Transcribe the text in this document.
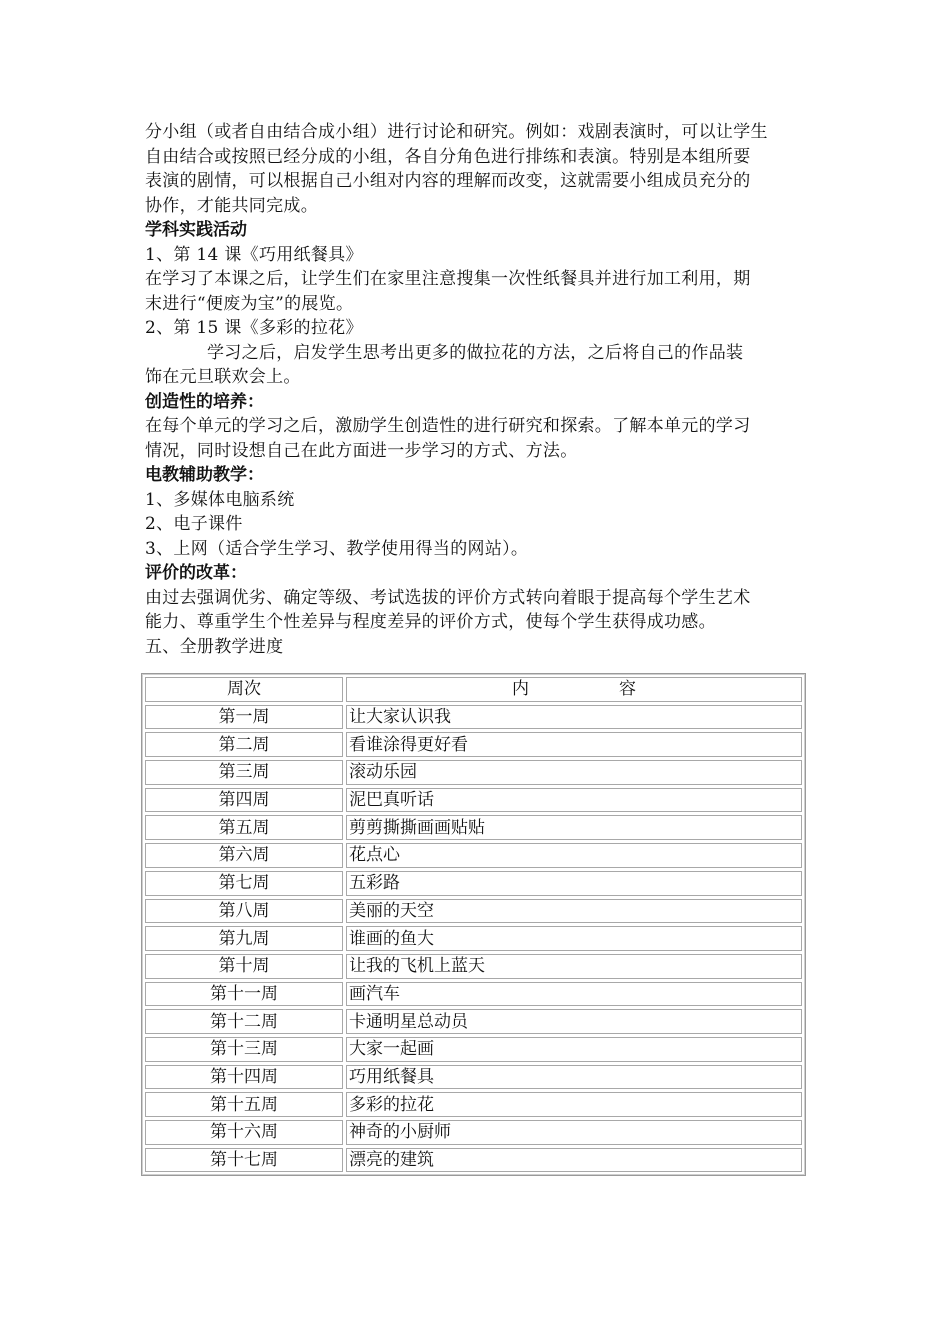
分小组（或者自由结合成小组）进行讨论和研究。例如：戏剧表演时，可以让学生

自由结合或按照已经分成的小组，各自分角色进行排练和表演。特别是本组所要

表演的剧情，可以根据自己小组对内容的理解而改变，这就需要小组成员充分的

协作，才能共同完成。

学科实践活动

1、第 14 课《巧用纸餐具》

在学习了本课之后，让学生们在家里注意搜集一次性纸餐具并进行加工利用，期

末进行“便废为宝”的展览。

2、第 15 课《多彩的拉花》

学习之后，启发学生思考出更多的做拉花的方法，之后将自己的作品装

饰在元旦联欢会上。

创造性的培养：

在每个单元的学习之后，激励学生创造性的进行研究和探索。了解本单元的学习

情况，同时设想自己在此方面进一步学习的方式、方法。

电教辅助教学：

1、多媒体电脑系统

2、电子课件

3、上网（适合学生学习、教学使用得当的网站）。

评价的改革：

由过去强调优劣、确定等级、考试选拔的评价方式转向着眼于提高每个学生艺术

能力、尊重学生个性差异与程度差异的评价方式，使每个学生获得成功感。

五、全册教学进度

周次	内 容
第一周	让大家认识我
第二周	看谁涂得更好看
第三周	滚动乐园
第四周	泥巴真听话
第五周	剪剪撕撕画画贴贴
第六周	花点心
第七周	五彩路
第八周	美丽的天空
第九周	谁画的鱼大
第十周	让我的飞机上蓝天
第十一周	画汽车
第十二周	卡通明星总动员
第十三周	大家一起画
第十四周	巧用纸餐具
第十五周	多彩的拉花
第十六周	神奇的小厨师
第十七周	漂亮的建筑
